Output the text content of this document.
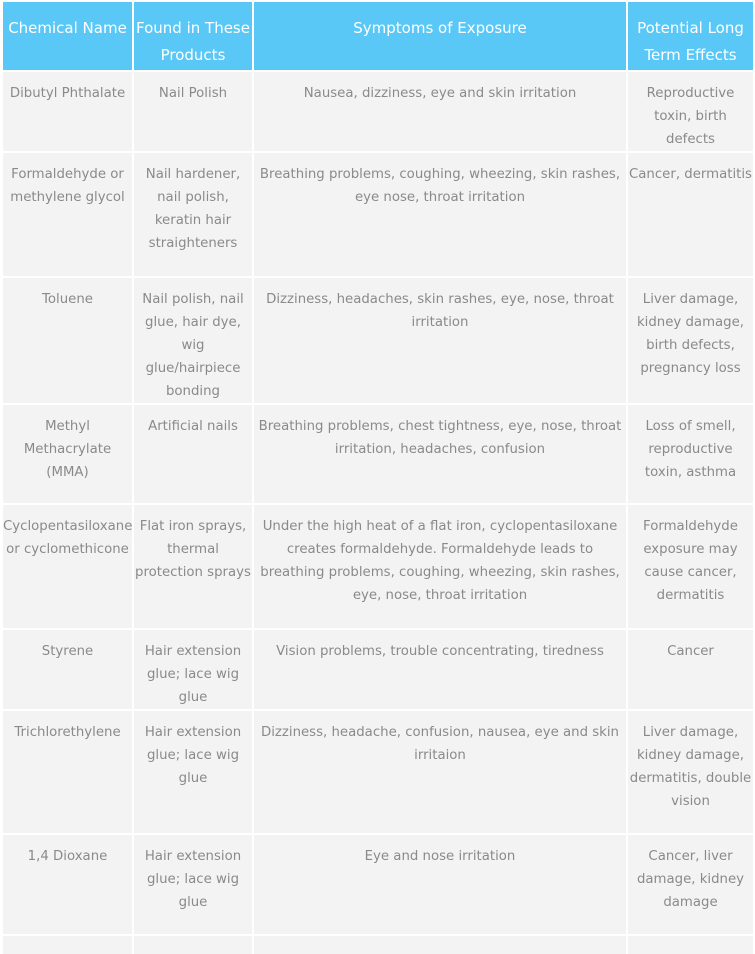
Chemical Name	Found in These Products	Symptoms of Exposure	Potential Long Term Effects
Dibutyl Phthalate	Nail Polish	Nausea, dizziness, eye and skin irritation	Reproductive toxin, birth defects
Formaldehyde or methylene glycol	Nail hardener, nail polish, keratin hair straighteners	Breathing problems, coughing, wheezing, skin rashes, eye nose, throat irritation	Cancer, dermatitis
Toluene	Nail polish, nail glue, hair dye, wig glue/hairpiece bonding	Dizziness, headaches, skin rashes, eye, nose, throat irritation	Liver damage, kidney damage, birth defects, pregnancy loss
Methyl Methacrylate (MMA)	Artificial nails	Breathing problems, chest tightness, eye, nose, throat irritation, headaches, confusion	Loss of smell, reproductive toxin, asthma
Cyclopentasiloxane or cyclomethicone	Flat iron sprays, thermal protection sprays	Under the high heat of a flat iron, cyclopentasiloxane creates formaldehyde. Formaldehyde leads to breathing problems, coughing, wheezing, skin rashes, eye, nose, throat irritation	Formaldehyde exposure may cause cancer, dermatitis
Styrene	Hair extension glue; lace wig glue	Vision problems, trouble concentrating, tiredness	Cancer
Trichlorethylene	Hair extension glue; lace wig glue	Dizziness, headache, confusion, nausea, eye and skin irritaion	Liver damage, kidney damage, dermatitis, double vision
1,4 Dioxane	Hair extension glue; lace wig glue	Eye and nose irritation	Cancer, liver damage, kidney damage
